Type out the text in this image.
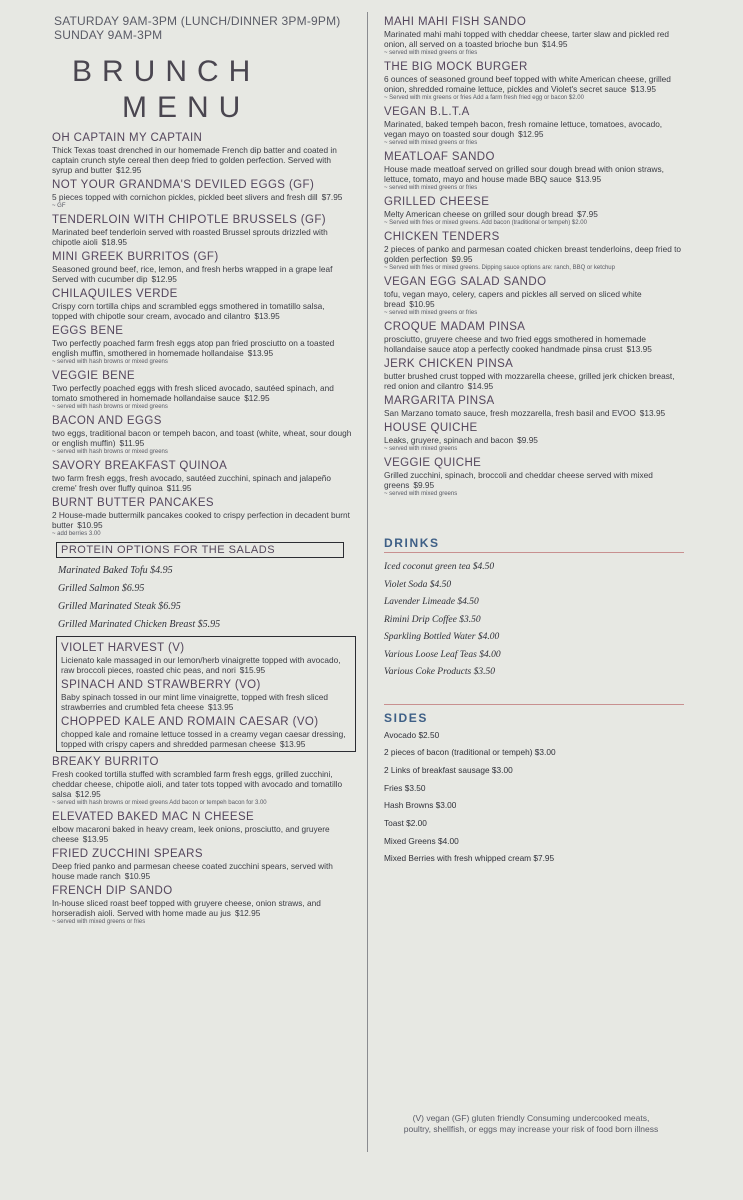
SATURDAY 9AM-3PM (LUNCH/DINNER 3PM-9PM) SUNDAY 9AM-3PM
BRUNCH
MENU
OH CAPTAIN MY CAPTAIN
Thick Texas toast drenched in our homemade French dip batter and coated in captain crunch style cereal then deep fried to golden perfection. Served with syrup and butter $12.95
NOT YOUR GRANDMA'S DEVILED EGGS (GF)
5 pieces topped with cornichon pickles, pickled beet slivers and fresh dill $7.95
~ GF
TENDERLOIN WITH CHIPOTLE BRUSSELS (GF)
Marinated beef tenderloin served with roasted Brussel sprouts drizzled with chipotle aioli $18.95
MINI GREEK BURRITOS (GF)
Seasoned ground beef, rice, lemon, and fresh herbs wrapped in a grape leaf Served with cucumber dip $12.95
CHILAQUILES VERDE
Crispy corn tortilla chips and scrambled eggs smothered in tomatillo salsa, topped with chipotle sour cream, avocado and cilantro $13.95
EGGS BENE
Two perfectly poached farm fresh eggs atop pan fried prosciutto on a toasted english muffin, smothered in homemade hollandaise $13.95
~ served with hash browns or mixed greens
VEGGIE BENE
Two perfectly poached eggs with fresh sliced avocado, sautéed spinach, and tomato smothered in homemade hollandaise sauce $12.95
~ served with hash browns or mixed greens
BACON AND EGGS
two eggs, traditional bacon or tempeh bacon, and toast (white, wheat, sour dough or english muffin) $11.95
~ served with hash browns or mixed greens
SAVORY BREAKFAST QUINOA
two farm fresh eggs, fresh avocado, sautéed zucchini, spinach and jalapeño creme' fresh over fluffy quinoa $11.95
BURNT BUTTER PANCAKES
2 House-made buttermilk pancakes cooked to crispy perfection in decadent burnt butter $10.95
~ add berries 3.00
PROTEIN OPTIONS FOR THE SALADS
Marinated Baked Tofu $4.95
Grilled Salmon $6.95
Grilled Marinated Steak $6.95
Grilled Marinated Chicken Breast $5.95
VIOLET HARVEST (V)
Licienato kale massaged in our lemon/herb vinaigrette topped with avocado, raw broccoli pieces, roasted chic peas, and nori $15.95
SPINACH AND STRAWBERRY (VO)
Baby spinach tossed in our mint lime vinaigrette, topped with fresh sliced strawberries and crumbled feta cheese $13.95
CHOPPED KALE AND ROMAIN CAESAR (VO)
chopped kale and romaine lettuce tossed in a creamy vegan caesar dressing, topped with crispy capers and shredded parmesan cheese $13.95
BREAKY BURRITO
Fresh cooked tortilla stuffed with scrambled farm fresh eggs, grilled zucchini, cheddar cheese, chipotle aioli, and tater tots topped with avocado and tomatillo salsa $12.95
~ served with hash browns or mixed greens Add bacon or tempeh bacon for 3.00
ELEVATED BAKED MAC N CHEESE
elbow macaroni baked in heavy cream, leek onions, prosciutto, and gruyere cheese $13.95
FRIED ZUCCHINI SPEARS
Deep fried panko and parmesan cheese coated zucchini spears, served with house made ranch $10.95
FRENCH DIP SANDO
In-house sliced roast beef topped with gruyere cheese, onion straws, and horseradish aioli. Served with home made au jus $12.95
~ served with mixed greens or fries
MAHI MAHI FISH SANDO
Marinated mahi mahi topped with cheddar cheese, tarter slaw and pickled red onion, all served on a toasted brioche bun $14.95
~ served with mixed greens or fries
THE BIG MOCK BURGER
6 ounces of seasoned ground beef topped with white American cheese, grilled onion, shredded romaine lettuce, pickles and Violet's secret sauce $13.95
~ Served with mix greens or fries Add a farm fresh fried egg or bacon $2.00
VEGAN B.L.T.A
Marinated, baked tempeh bacon, fresh romaine lettuce, tomatoes, avocado, vegan mayo on toasted sour dough $12.95
~ served with mixed greens or fries
MEATLOAF SANDO
House made meatloaf served on grilled sour dough bread with onion straws, lettuce, tomato, mayo and house made BBQ sauce $13.95
~ served with mixed greens or fries
GRILLED CHEESE
Melty American cheese on grilled sour dough bread $7.95
~ Served with fries or mixed greens. Add bacon (traditional or tempeh) $2.00
CHICKEN TENDERS
2 pieces of panko and parmesan coated chicken breast tenderloins, deep fried to golden perfection $9.95
~ Served with fries or mixed greens. Dipping sauce options are: ranch, BBQ or ketchup
VEGAN EGG SALAD SANDO
tofu, vegan mayo, celery, capers and pickles all served on sliced white bread $10.95
~ served with mixed greens or fries
CROQUE MADAM PINSA
prosciutto, gruyere cheese and two fried eggs smothered in homemade hollandaise sauce atop a perfectly cooked handmade pinsa crust $13.95
JERK CHICKEN PINSA
butter brushed crust topped with mozzarella cheese, grilled jerk chicken breast, red onion and cilantro $14.95
MARGARITA PINSA
San Marzano tomato sauce, fresh mozzarella, fresh basil and EVOO $13.95
HOUSE QUICHE
Leaks, gruyere, spinach and bacon $9.95
~ served with mixed greens
VEGGIE QUICHE
Grilled zucchini, spinach, broccoli and cheddar cheese served with mixed greens $9.95
~ served with mixed greens
DRINKS
Iced coconut green tea $4.50
Violet Soda $4.50
Lavender Limeade $4.50
Rimini Drip Coffee $3.50
Sparkling Bottled Water $4.00
Various Loose Leaf Teas $4.00
Various Coke Products $3.50
SIDES
Avocado $2.50
2 pieces of bacon (traditional or tempeh) $3.00
2 Links of breakfast sausage $3.00
Fries $3.50
Hash Browns $3.00
Toast $2.00
Mixed Greens $4.00
Mixed Berries with fresh whipped cream $7.95
(V) vegan (GF) gluten friendly Consuming undercooked meats, poultry, shellfish, or eggs may increase your risk of food born illness
